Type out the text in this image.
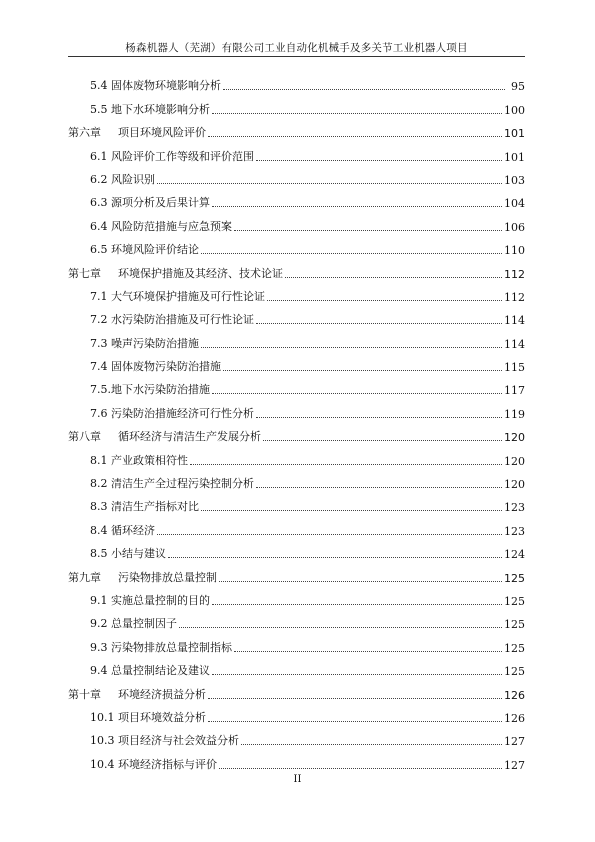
杨森机器人（芜湖）有限公司工业自动化机械手及多关节工业机器人项目
5.4 固体废物环境影响分析	95
5.5 地下水环境影响分析	100
第六章	项目环境风险评价	101
6.1 风险评价工作等级和评价范围	101
6.2 风险识别	103
6.3 源项分析及后果计算	104
6.4 风险防范措施与应急预案	106
6.5 环境风险评价结论	110
第七章	环境保护措施及其经济、技术论证	112
7.1 大气环境保护措施及可行性论证	112
7.2 水污染防治措施及可行性论证	114
7.3 噪声污染防治措施	114
7.4 固体废物污染防治措施	115
7.5.地下水污染防治措施	117
7.6 污染防治措施经济可行性分析	119
第八章	循环经济与清洁生产发展分析	120
8.1 产业政策相符性	120
8.2 清洁生产全过程污染控制分析	120
8.3 清洁生产指标对比	123
8.4 循环经济	123
8.5 小结与建议	124
第九章	污染物排放总量控制	125
9.1 实施总量控制的目的	125
9.2 总量控制因子	125
9.3 污染物排放总量控制指标	125
9.4 总量控制结论及建议	125
第十章	环境经济损益分析	126
10.1 项目环境效益分析	126
10.3 项目经济与社会效益分析	127
10.4 环境经济指标与评价	127
II
